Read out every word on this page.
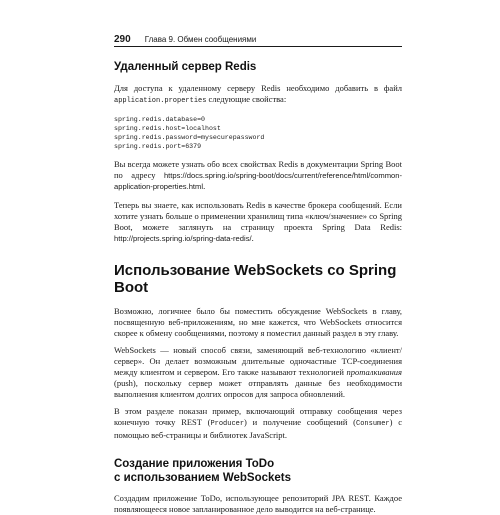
290 Глава 9. Обмен сообщениями
Удаленный сервер Redis

Для доступа к удаленному серверу Redis необходимо добавить в файл application.properties следующие свойства:

spring.redis.database=0
spring.redis.host=localhost
spring.redis.password=mysecurepassword
spring.redis.port=6379

Вы всегда можете узнать обо всех свойствах Redis в документации Spring Boot по адресу https://docs.spring.io/spring-boot/docs/current/reference/html/common-application-properties.html.

Теперь вы знаете, как использовать Redis в качестве брокера сообщений. Если хотите узнать больше о применении хранилищ типа «ключ/значение» со Spring Boot, можете заглянуть на страницу проекта Spring Data Redis: http://projects.spring.io/spring-data-redis/.

Использование WebSockets со Spring Boot

Возможно, логичнее было бы поместить обсуждение WebSockets в главу, посвященную веб-приложениям, но мне кажется, что WebSockets относится скорее к обмену сообщениями, поэтому я поместил данный раздел в эту главу.

WebSockets — новый способ связи, заменяющий веб-технологию «клиент/сервер». Он делает возможным длительные одночастные TCP-соединения между клиентом и сервером. Его также называют технологией проталкивания (push), поскольку сервер может отправлять данные без необходимости выполнения клиентом долгих опросов для запроса обновлений.

В этом разделе показан пример, включающий отправку сообщения через конечную точку REST (Producer) и получение сообщений (Consumer) с помощью веб-страницы и библиотек JavaScript.

Создание приложения ToDo
с использованием WebSockets

Создадим приложение ToDo, использующее репозиторий JPA REST. Каждое появляющееся новое запланированное дело выводится на веб-странице.
